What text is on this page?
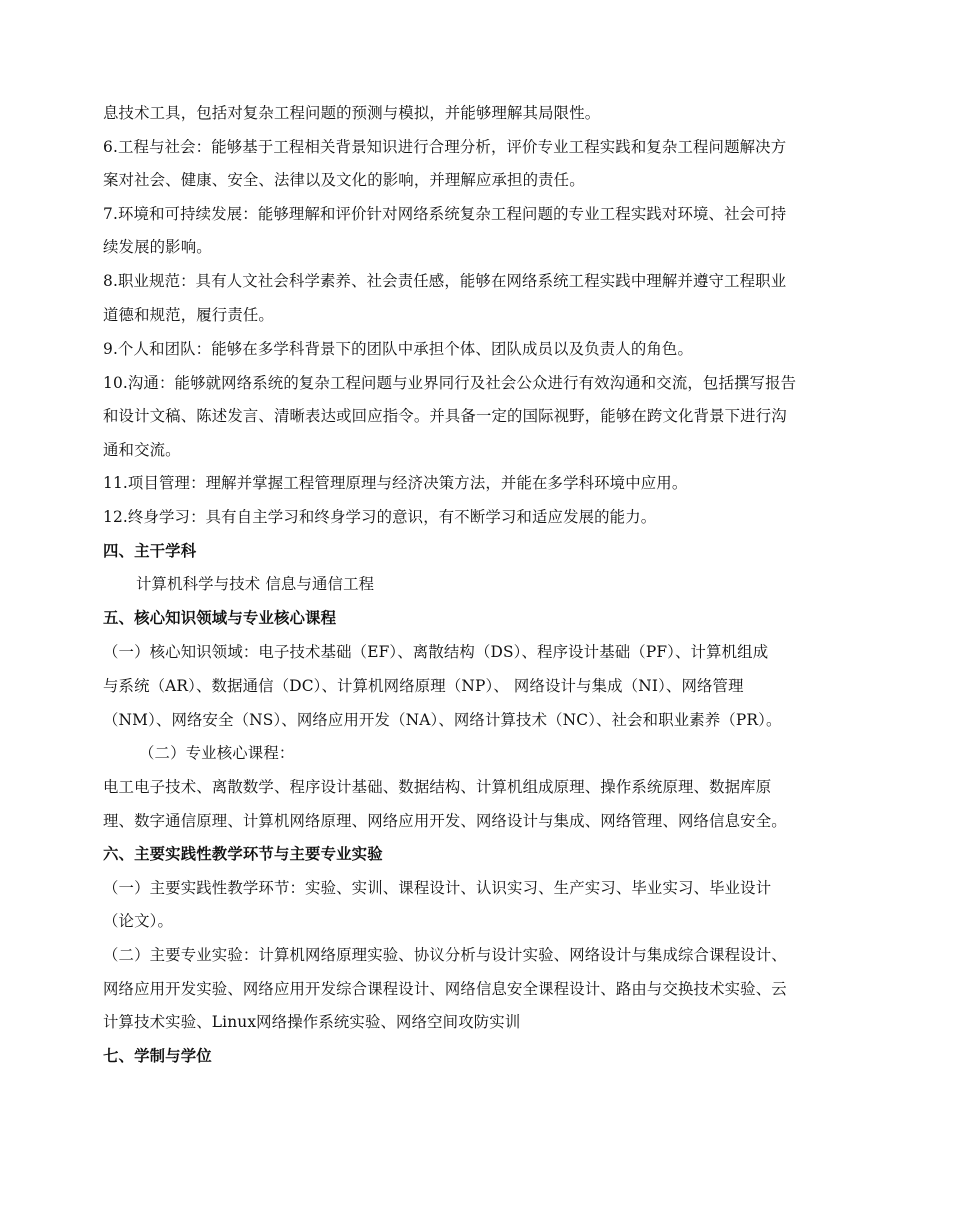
息技术工具，包括对复杂工程问题的预测与模拟，并能够理解其局限性。
6.工程与社会：能够基于工程相关背景知识进行合理分析，评价专业工程实践和复杂工程问题解决方
案对社会、健康、安全、法律以及文化的影响，并理解应承担的责任。
7.环境和可持续发展：能够理解和评价针对网络系统复杂工程问题的专业工程实践对环境、社会可持
续发展的影响。
8.职业规范：具有人文社会科学素养、社会责任感，能够在网络系统工程实践中理解并遵守工程职业
道德和规范，履行责任。
9.个人和团队：能够在多学科背景下的团队中承担个体、团队成员以及负责人的角色。
10.沟通：能够就网络系统的复杂工程问题与业界同行及社会公众进行有效沟通和交流，包括撰写报告
和设计文稿、陈述发言、清晰表达或回应指令。并具备一定的国际视野，能够在跨文化背景下进行沟
通和交流。
11.项目管理：理解并掌握工程管理原理与经济决策方法，并能在多学科环境中应用。
12.终身学习：具有自主学习和终身学习的意识，有不断学习和适应发展的能力。
四、主干学科
计算机科学与技术 信息与通信工程
五、核心知识领域与专业核心课程
（一）核心知识领域：电子技术基础（EF）、离散结构（DS）、程序设计基础（PF）、计算机组成
与系统（AR）、数据通信（DC）、计算机网络原理（NP）、 网络设计与集成（NI）、网络管理
（NM）、网络安全（NS）、网络应用开发（NA）、网络计算技术（NC）、社会和职业素养（PR）。
（二）专业核心课程：
电工电子技术、离散数学、程序设计基础、数据结构、计算机组成原理、操作系统原理、数据库原
理、数字通信原理、计算机网络原理、网络应用开发、网络设计与集成、网络管理、网络信息安全。
六、主要实践性教学环节与主要专业实验
（一）主要实践性教学环节：实验、实训、课程设计、认识实习、生产实习、毕业实习、毕业设计
（论文）。
（二）主要专业实验：计算机网络原理实验、协议分析与设计实验、网络设计与集成综合课程设计、
网络应用开发实验、网络应用开发综合课程设计、网络信息安全课程设计、路由与交换技术实验、云
计算技术实验、Linux网络操作系统实验、网络空间攻防实训
七、学制与学位
